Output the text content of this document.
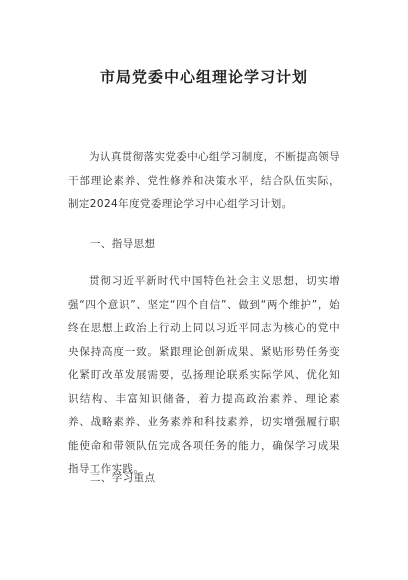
市局党委中心组理论学习计划

为认真贯彻落实党委中心组学习制度，不断提高领导干部理论素养、党性修养和决策水平，结合队伍实际，制定2024年度党委理论学习中心组学习计划。

一、指导思想

贯彻习近平新时代中国特色社会主义思想，切实增强“四个意识”、坚定“四个自信”、做到“两个维护”，始终在思想上政治上行动上同以习近平同志为核心的党中央保持高度一致。紧跟理论创新成果、紧贴形势任务变化紧盯改革发展需要，弘扬理论联系实际学风、优化知识结构、丰富知识储备，着力提高政治素养、理论素养、战略素养、业务素养和科技素养，切实增强履行职能使命和带领队伍完成各项任务的能力，确保学习成果指导工作实践。

二、学习重点
